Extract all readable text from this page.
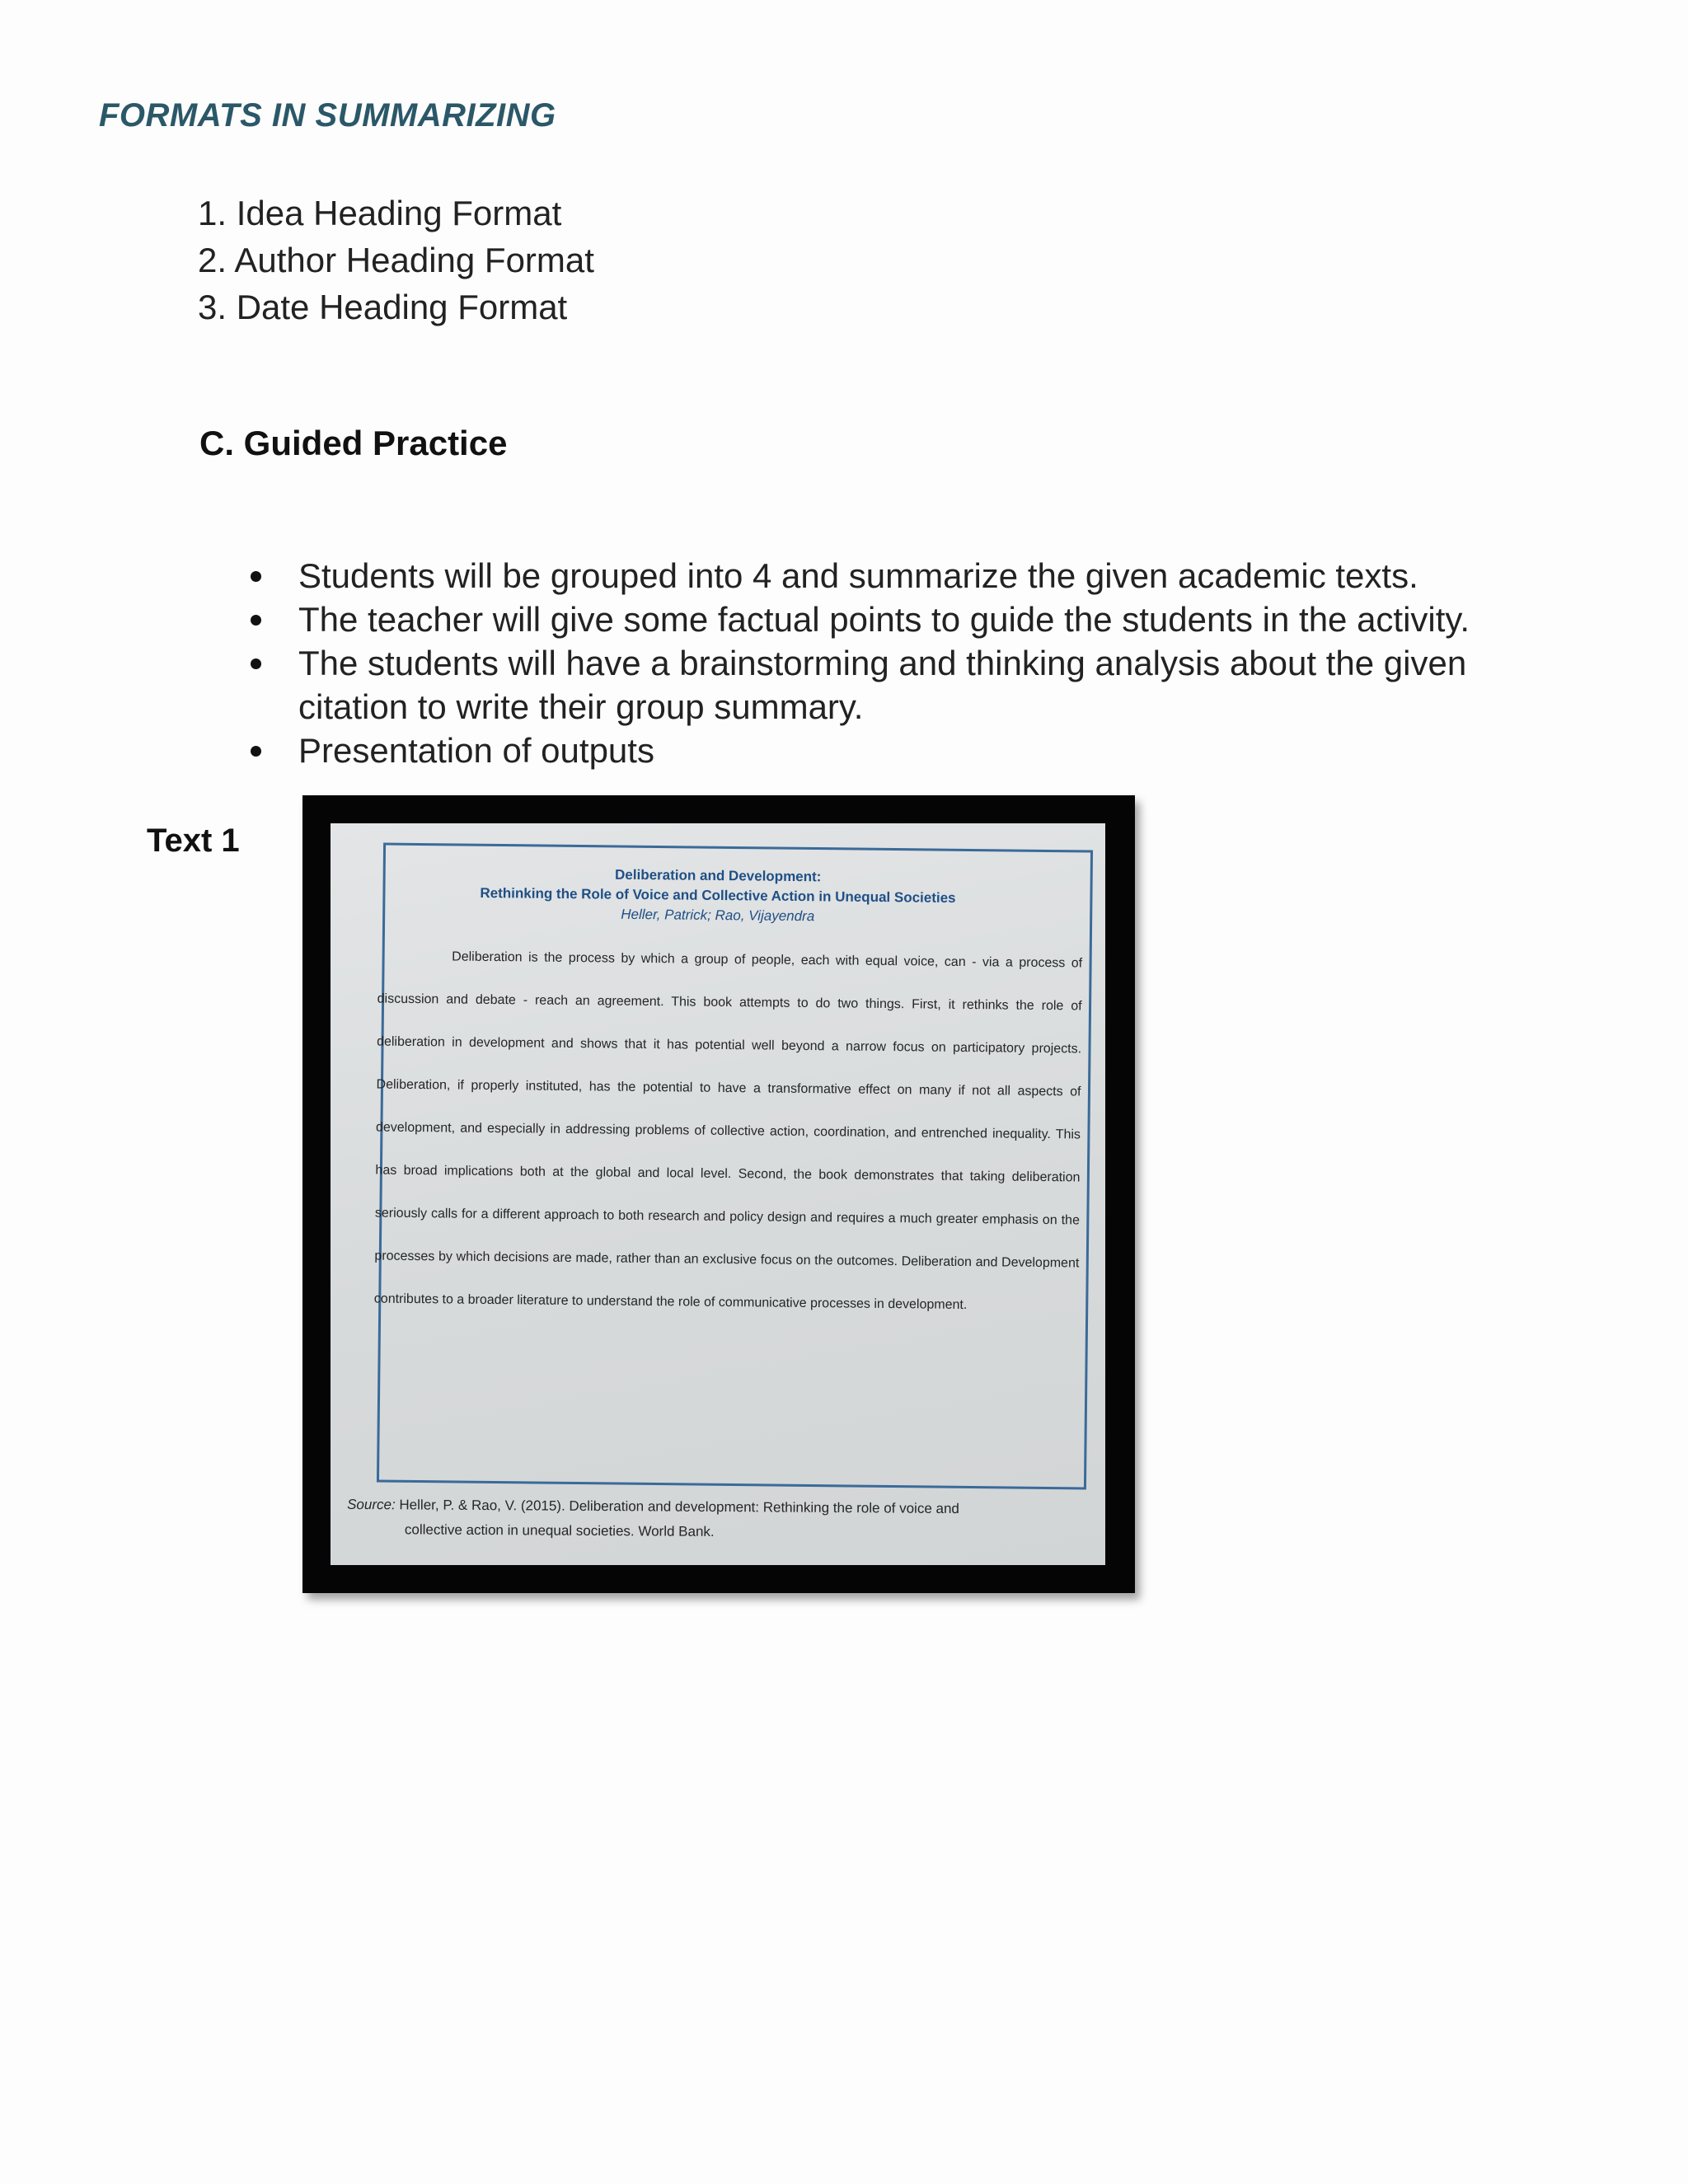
FORMATS IN SUMMARIZING
1. Idea Heading Format
2. Author Heading Format
3. Date Heading Format
C. Guided Practice
Students will be grouped into 4 and summarize the given academic texts.
The teacher will give some factual points to guide the students in the activity.
The students will have a brainstorming and thinking analysis about the given citation to write their group summary.
Presentation of outputs
Text 1
Deliberation and Development:
Rethinking the Role of Voice and Collective Action in Unequal Societies
Heller, Patrick; Rao, Vijayendra
Deliberation is the process by which a group of people, each with equal voice, can - via a process of discussion and debate - reach an agreement. This book attempts to do two things. First, it rethinks the role of deliberation in development and shows that it has potential well beyond a narrow focus on participatory projects. Deliberation, if properly instituted, has the potential to have a transformative effect on many if not all aspects of development, and especially in addressing problems of collective action, coordination, and entrenched inequality. This has broad implications both at the global and local level. Second, the book demonstrates that taking deliberation seriously calls for a different approach to both research and policy design and requires a much greater emphasis on the processes by which decisions are made, rather than an exclusive focus on the outcomes. Deliberation and Development contributes to a broader literature to understand the role of communicative processes in development.
Source: Heller, P. & Rao, V. (2015). Deliberation and development: Rethinking the role of voice and
collective action in unequal societies. World Bank.
